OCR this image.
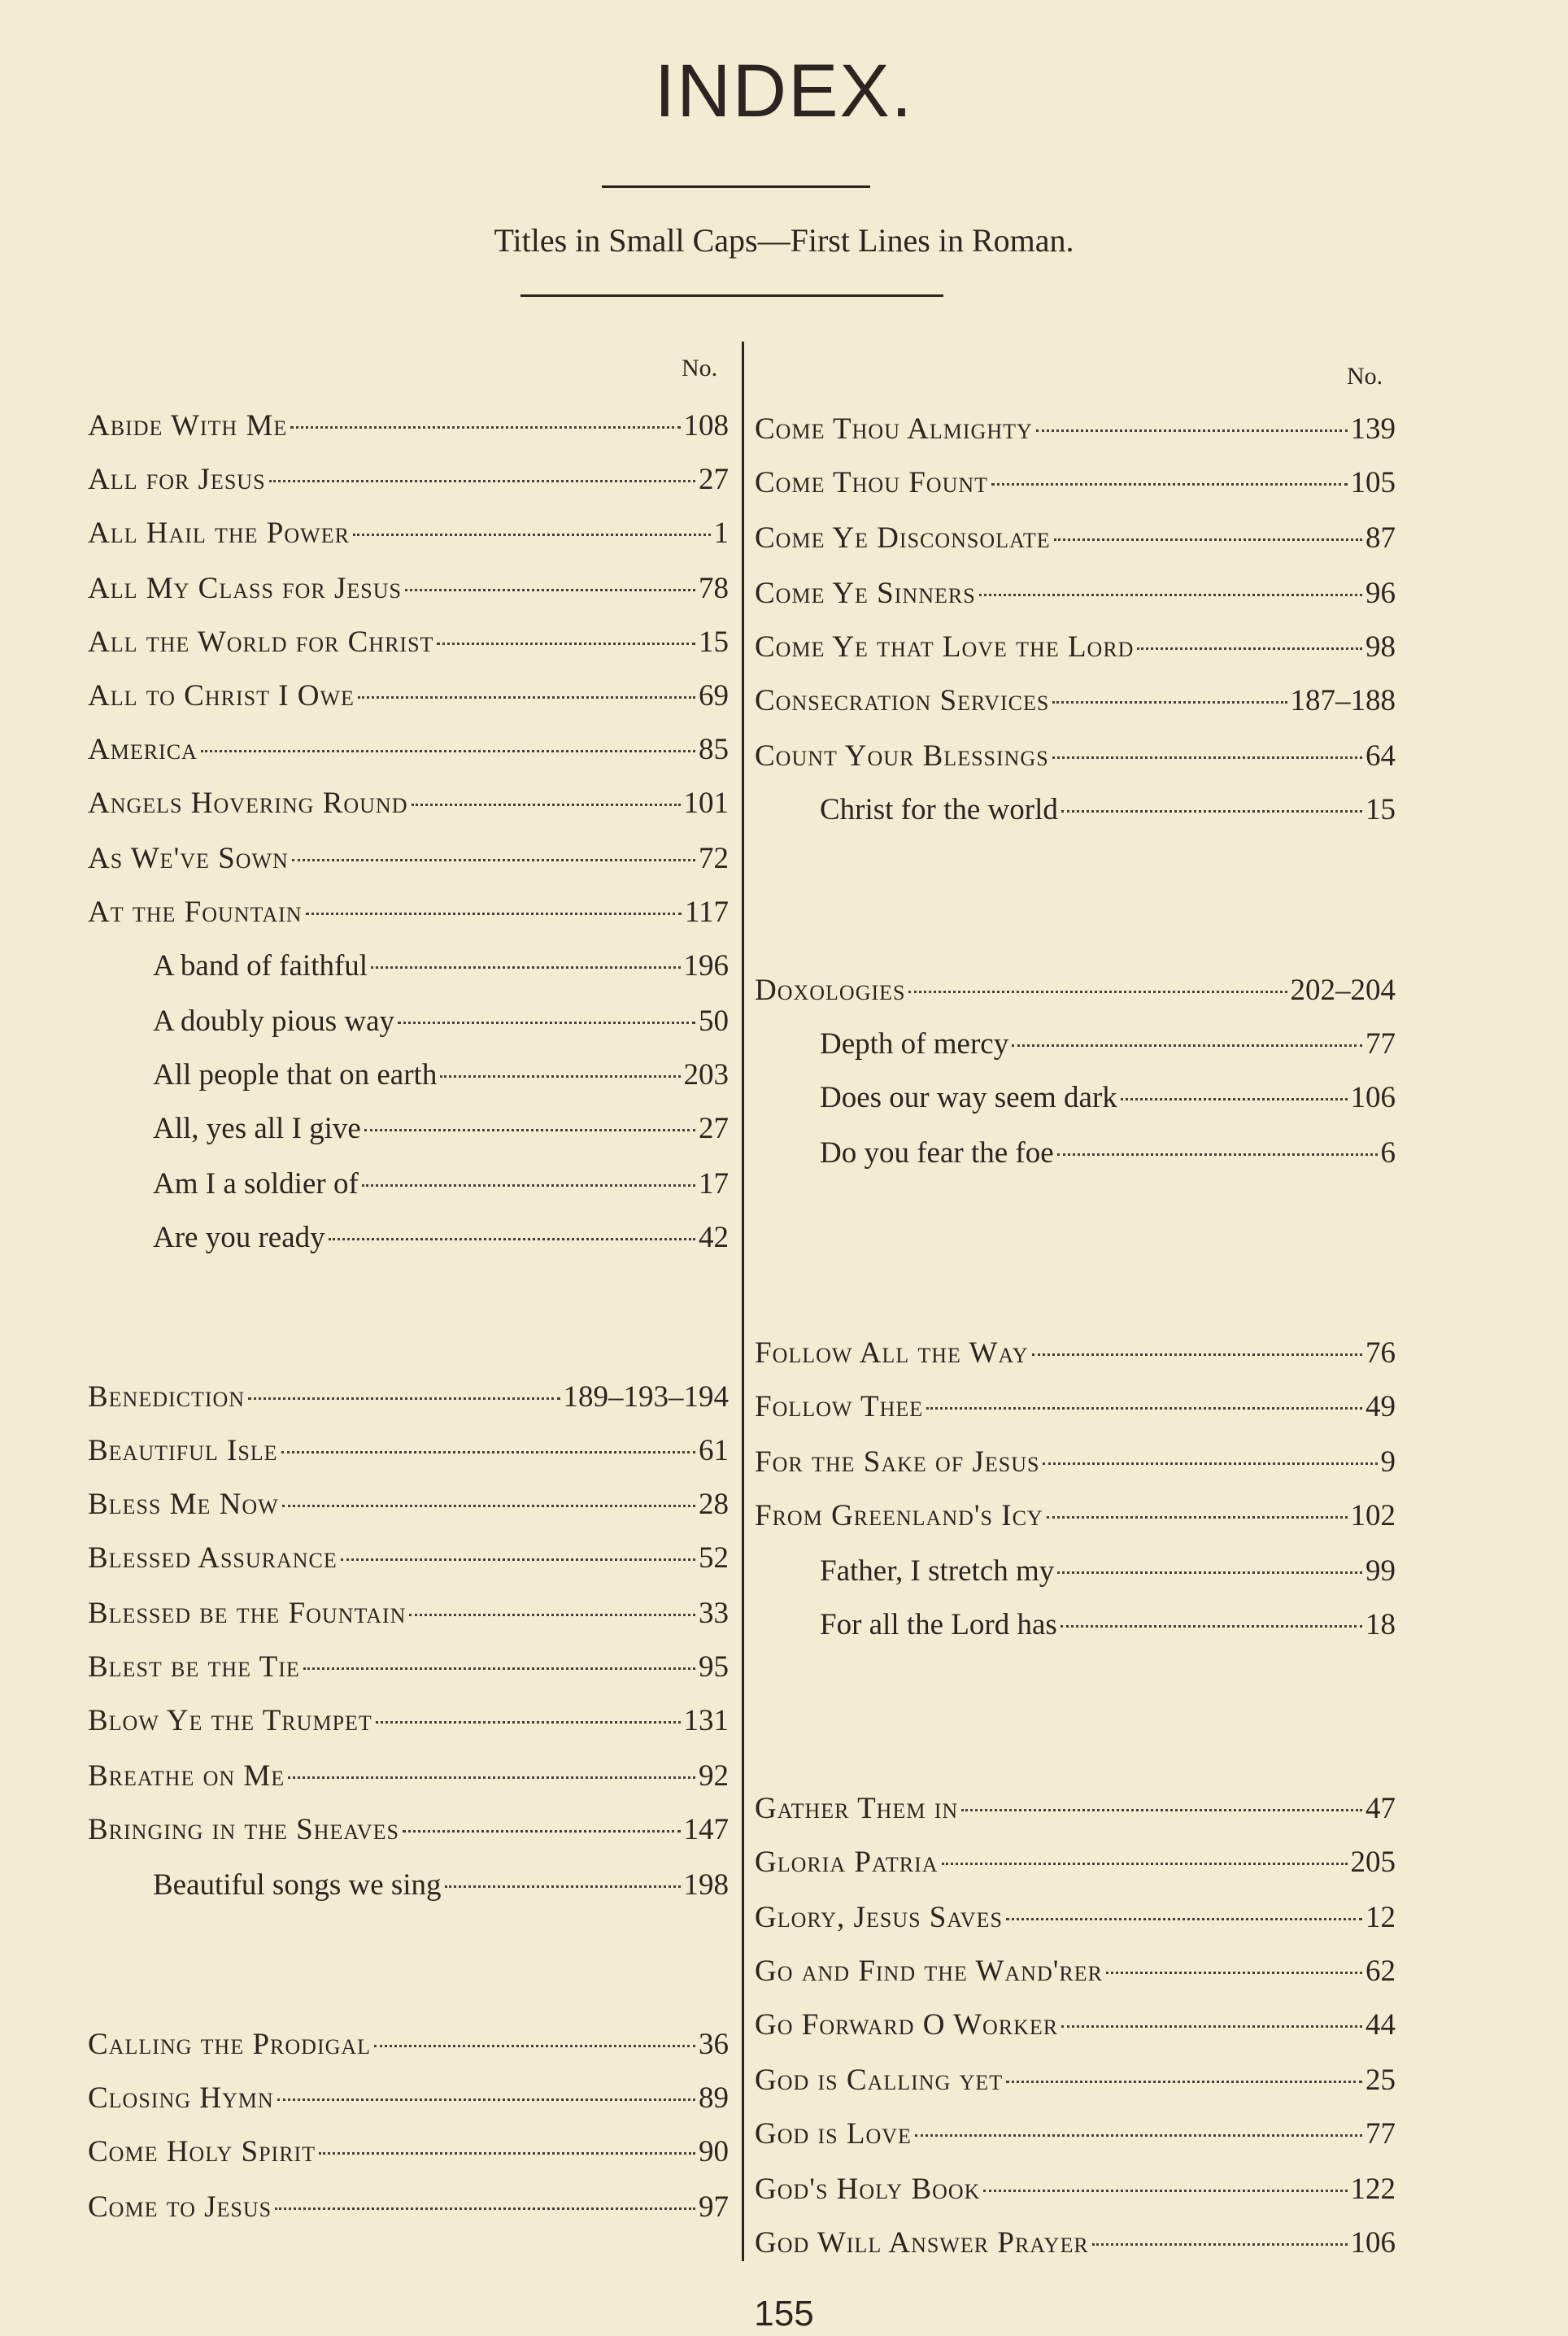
INDEX.
Titles in Small Caps—First Lines in Roman.
No.	No.
Abide With Me	108
All for Jesus	27
All Hail the Power	1
All My Class for Jesus	78
All the World for Christ	15
All to Christ I Owe	69
America	85
Angels Hovering Round	101
As We've Sown	72
At the Fountain	117
A band of faithful	196
A doubly pious way	50
All people that on earth	203
All, yes all I give	27
Am I a soldier of	17
Are you ready	42
Benediction	189–193–194
Beautiful Isle	61
Bless Me Now	28
Blessed Assurance	52
Blessed be the Fountain	33
Blest be the Tie	95
Blow Ye the Trumpet	131
Breathe on Me	92
Bringing in the Sheaves	147
Beautiful songs we sing	198
Calling the Prodigal	36
Closing Hymn	89
Come Holy Spirit	90
Come to Jesus	97
Come Thou Almighty	139
Come Thou Fount	105
Come Ye Disconsolate	87
Come Ye Sinners	96
Come Ye that Love the Lord	98
Consecration Services	187–188
Count Your Blessings	64
Christ for the world	15
Doxologies	202–204
Depth of mercy	77
Does our way seem dark	106
Do you fear the foe	6
Follow All the Way	76
Follow Thee	49
For the Sake of Jesus	9
From Greenland's Icy	102
Father, I stretch my	99
For all the Lord has	18
Gather Them in	47
Gloria Patria	205
Glory, Jesus Saves	12
Go and Find the Wand'rer	62
Go Forward O Worker	44
God is Calling yet	25
God is Love	77
God's Holy Book	122
God Will Answer Prayer	106
155
